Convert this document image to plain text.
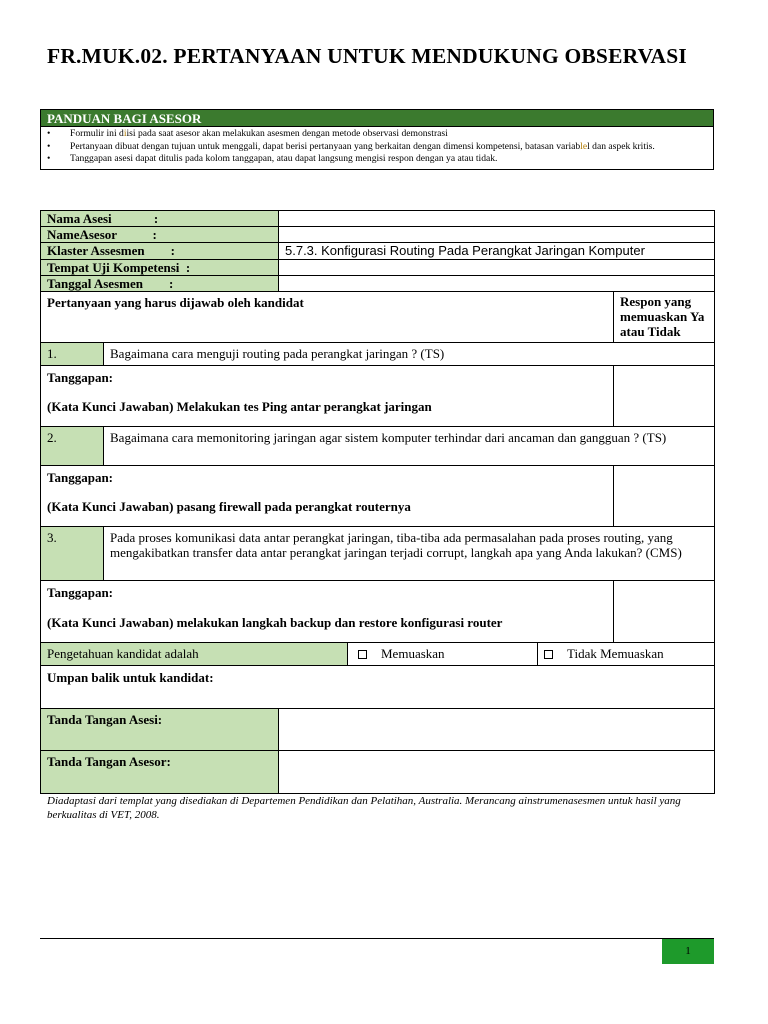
FR.MUK.02. PERTANYAAN UNTUK MENDUKUNG OBSERVASI
PANDUAN BAGI ASESOR
• Formulir ini diisi pada saat asesor akan melakukan asesmen dengan metode observasi demonstrasi
• Pertanyaan dibuat dengan tujuan untuk menggali, dapat berisi pertanyaan yang berkaitan dengan dimensi kompetensi, batasan variablel dan aspek kritis.
• Tanggapan asesi dapat ditulis pada kolom tanggapan, atau dapat langsung mengisi respon dengan ya atau tidak.
Nama Asesi             :					
NameAsesor           :					
Klaster Assesmen        :		5.7.3. Konfigurasi Routing Pada Perangkat Jaringan Komputer			
Tempat Uji Kompetensi  :					
Tanggal Asesmen        :					
Pertanyaan yang harus dijawab oleh kandidat					Respon yang memuaskan Ya atau Tidak
1.	Bagaimana cara menguji routing pada perangkat jaringan ? (TS)				

Tanggapan:
(Kata Kunci Jawaban) Melakukan tes Ping antar perangkat jaringan					

2.	Bagaimana cara memonitoring jaringan agar sistem komputer terhindar dari ancaman dan gangguan ? (TS)				

Tanggapan:
(Kata Kunci Jawaban) pasang firewall pada perangkat routernya					

3.	Pada proses komunikasi data antar perangkat jaringan, tiba-tiba ada permasalahan pada proses routing, yang mengakibatkan transfer data antar perangkat jaringan terjadi corrupt, langkah apa yang Anda lakukan? (CMS)				

Tanggapan:
(Kata Kunci Jawaban) melakukan langkah backup dan restore konfigurasi router					

Pengetahuan kandidat adalah			Memuaskan	Tidak Memuaskan	
Umpan balik untuk kandidat:					
Tanda Tangan Asesi:					
Tanda Tangan Asesor:					
Diadaptasi dari templat yang disediakan di Departemen Pendidikan dan Pelatihan, Australia. Merancang ainstrumenasesmen untuk hasil yang berkualitas di VET, 2008.
1
